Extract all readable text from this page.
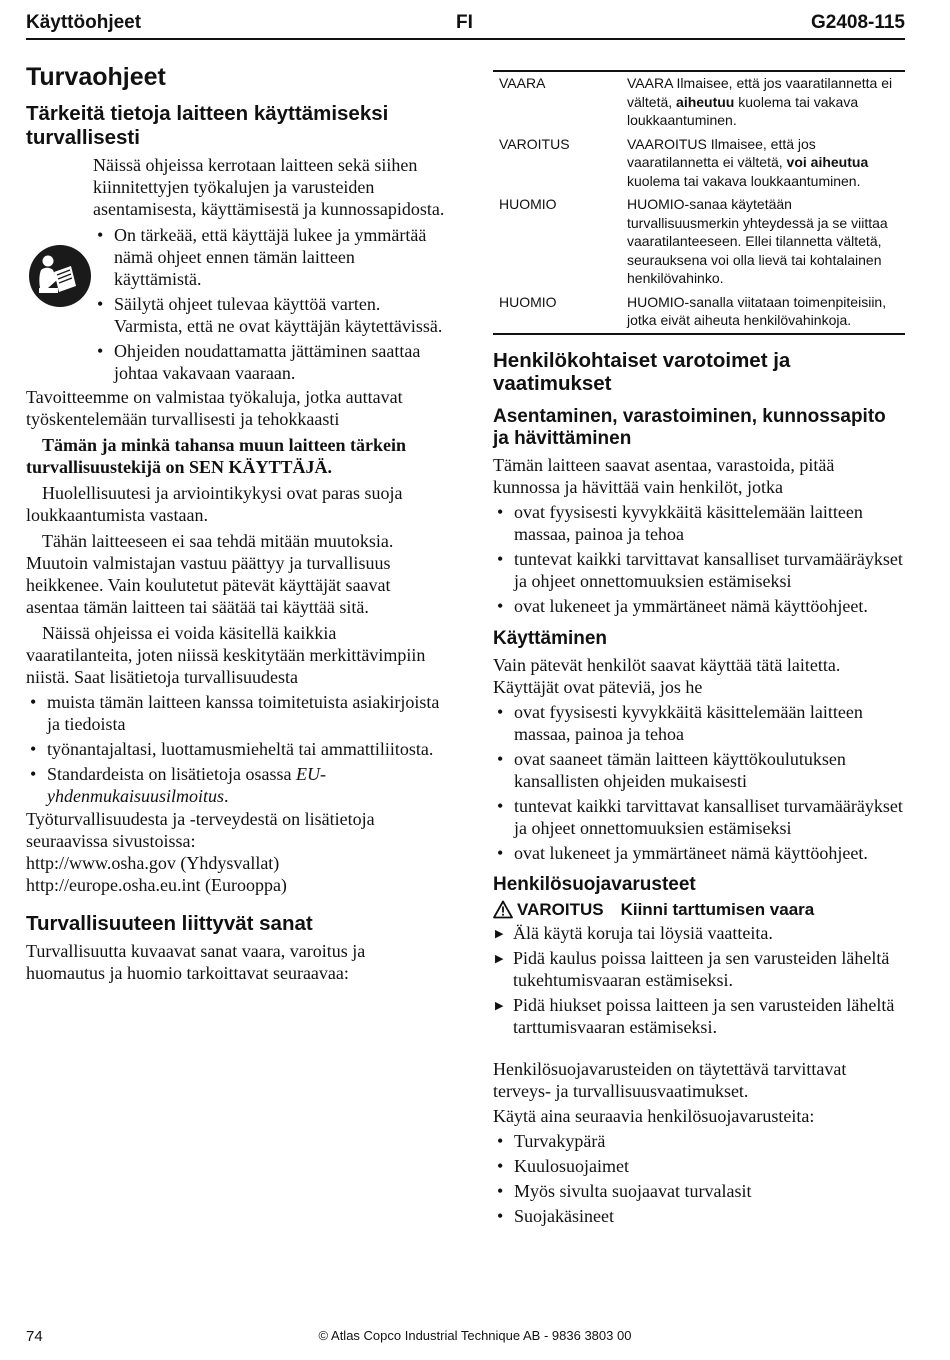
Käyttöohjeet	FI	G2408-115
Turvaohjeet
Tärkeitä tietoja laitteen käyttämiseksi turvallisesti

Näissä ohjeissa kerrotaan laitteen sekä siihen kiinnitettyjen työkalujen ja varusteiden asentamisesta, käyttämisestä ja kunnossapidosta.

• On tärkeää, että käyttäjä lukee ja ymmärtää nämä ohjeet ennen tämän laitteen käyttämistä.
• Säilytä ohjeet tulevaa käyttöä varten. Varmista, että ne ovat käyttäjän käytettävissä.
• Ohjeiden noudattamatta jättäminen saattaa johtaa vakavaan vaaraan.

Tavoitteemme on valmistaa työkaluja, jotka auttavat työskentelemään turvallisesti ja tehokkaasti

Tämän ja minkä tahansa muun laitteen tärkein turvallisuustekijä on SEN KÄYTTÄJÄ.

Huolellisuutesi ja arviointikykysi ovat paras suoja loukkaantumista vastaan.

Tähän laitteeseen ei saa tehdä mitään muutoksia. Muutoin valmistajan vastuu päättyy ja turvallisuus heikkenee. Vain koulutetut pätevät käyttäjät saavat asentaa tämän laitteen tai säätää tai käyttää sitä.

Näissä ohjeissa ei voida käsitellä kaikkia vaaratilanteita, joten niissä keskitytään merkittävimpiin niistä. Saat lisätietoja turvallisuudesta

• muista tämän laitteen kanssa toimitetuista asiakirjoista ja tiedoista
• työnantajaltasi, luottamusmieheltä tai ammattiliitosta.
• Standardeista on lisätietoja osassa EU-yhdenmukaisuusilmoitus.

Työturvallisuudesta ja -terveydestä on lisätietoja seuraavissa sivustoissa:

http://www.osha.gov (Yhdysvallat)

http://europe.osha.eu.int (Eurooppa)

Turvallisuuteen liittyvät sanat

Turvallisuutta kuvaavat sanat vaara, varoitus ja huomautus ja huomio tarkoittavat seuraavaa:

VAARA	VAARA Ilmaisee, että jos vaaratilannetta ei vältetä, aiheutuu kuolema tai vakava loukkaantuminen.
VAROITUS	VAAROITUS Ilmaisee, että jos vaaratilannetta ei vältetä, voi aiheutua kuolema tai vakava loukkaantuminen.
HUOMIO	HUOMIO-sanaa käytetään turvallisuusmerkin yhteydessä ja se viittaa vaaratilanteeseen. Ellei tilannetta vältetä, seurauksena voi olla lievä tai kohtalainen henkilövahinko.
HUOMIO	HUOMIO-sanalla viitataan toimenpiteisiin, jotka eivät aiheuta henkilövahinkoja.
Henkilökohtaiset varotoimet ja vaatimukset
Asentaminen, varastoiminen, kunnossapito ja hävittäminen

Tämän laitteen saavat asentaa, varastoida, pitää kunnossa ja hävittää vain henkilöt, jotka

• ovat fyysisesti kyvykkäitä käsittelemään laitteen massaa, painoa ja tehoa
• tuntevat kaikki tarvittavat kansalliset turvamääräykset ja ohjeet onnettomuuksien estämiseksi
• ovat lukeneet ja ymmärtäneet nämä käyttöohjeet.
Käyttäminen

Vain pätevät henkilöt saavat käyttää tätä laitetta. Käyttäjät ovat päteviä, jos he

• ovat fyysisesti kyvykkäitä käsittelemään laitteen massaa, painoa ja tehoa
• ovat saaneet tämän laitteen käyttökoulutuksen kansallisten ohjeiden mukaisesti
• tuntevat kaikki tarvittavat kansalliset turvamääräykset ja ohjeet onnettomuuksien estämiseksi
• ovat lukeneet ja ymmärtäneet nämä käyttöohjeet.
Henkilösuojavarusteet
VAROITUS Kiinni tarttumisen vaara
▶ Älä käytä koruja tai löysiä vaatteita.
▶ Pidä kaulus poissa laitteen ja sen varusteiden läheltä tukehtumisvaaran estämiseksi.
▶ Pidä hiukset poissa laitteen ja sen varusteiden läheltä tarttumisvaaran estämiseksi.

Henkilösuojavarusteiden on täytettävä tarvittavat terveys- ja turvallisuusvaatimukset.

Käytä aina seuraavia henkilösuojavarusteita:

• Turvakypärä
• Kuulosuojaimet
• Myös sivulta suojaavat turvalasit
• Suojakäsineet
74	© Atlas Copco Industrial Technique AB - 9836 3803 00
